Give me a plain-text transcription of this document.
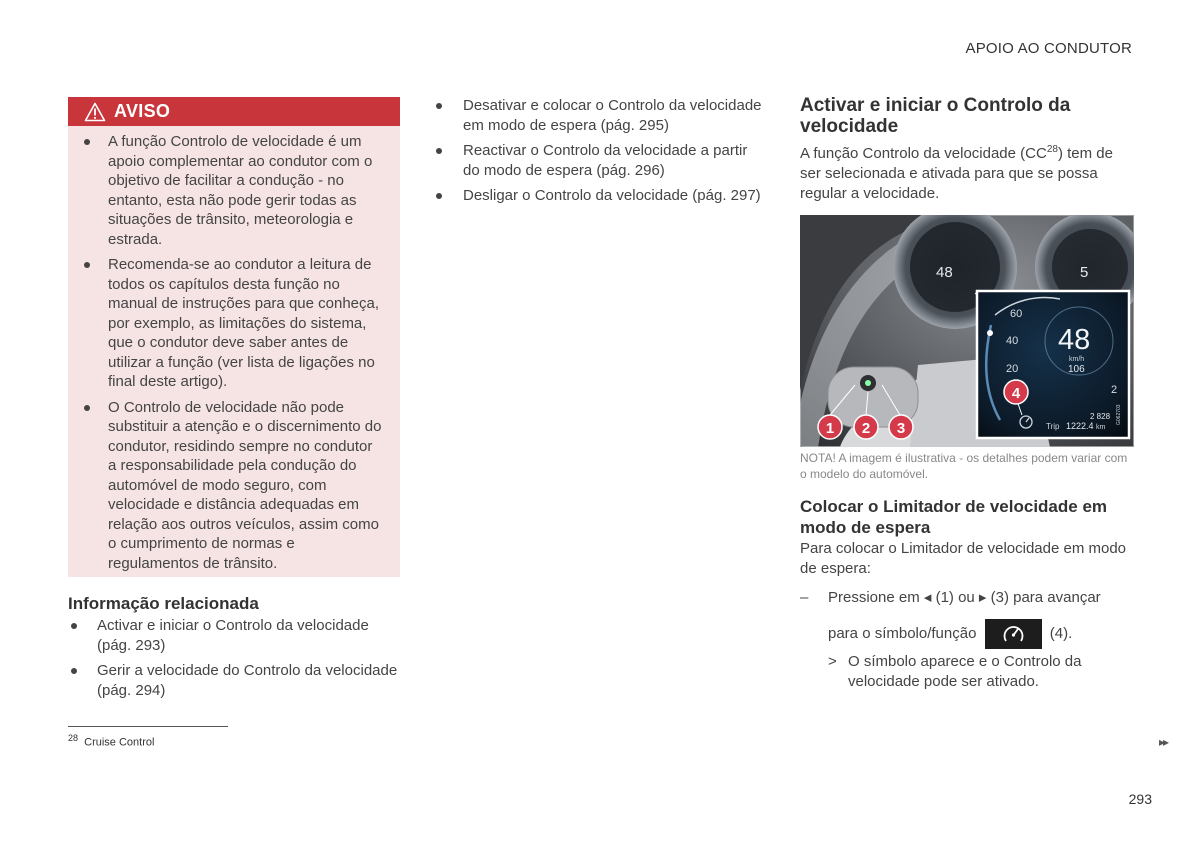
APOIO AO CONDUTOR
AVISO
A função Controlo de velocidade é um apoio complementar ao condutor com o objetivo de facilitar a condução - no entanto, esta não pode gerir todas as situações de trânsito, meteorologia e estrada.
Recomenda-se ao condutor a leitura de todos os capítulos desta função no manual de instruções para que conheça, por exemplo, as limitações do sistema, que o condutor deve saber antes de utilizar a função (ver lista de ligações no final deste artigo).
O Controlo de velocidade não pode substituir a atenção e o discernimento do condutor, residindo sempre no condutor a responsabilidade pela condução do automóvel de modo seguro, com velocidade e distância adequadas em relação aos outros veículos, assim como o cumprimento de normas e regulamentos de trânsito.
Informação relacionada
Activar e iniciar o Controlo da velocidade (pág. 293)
Gerir a velocidade do Controlo da velocidade (pág. 294)
Desativar e colocar o Controlo da velocidade em modo de espera (pág. 295)
Reactivar o Controlo da velocidade a partir do modo de espera (pág. 296)
Desligar o Controlo da velocidade (pág. 297)
Activar e iniciar o Controlo da velocidade

A função Controlo da velocidade (CC$^{28}$) tem de ser selecionada e ativada para que se possa regular a velocidade.

48	5
60
40
20
48
km/h
106
2
2 828
Trip 1222.4 km
G062703
1 2 3
4
NOTA! A imagem é ilustrativa - os detalhes podem variar com o modelo do automóvel.
Colocar o Limitador de velocidade em modo de espera

Para colocar o Limitador de velocidade em modo de espera:

– Pressione em ◂ (1) ou ▸ (3) para avançar
para o símbolo/função	(4).
> O símbolo aparece e o Controlo da velocidade pode ser ativado.
$^{28}$ Cruise Control	▸▸
293
